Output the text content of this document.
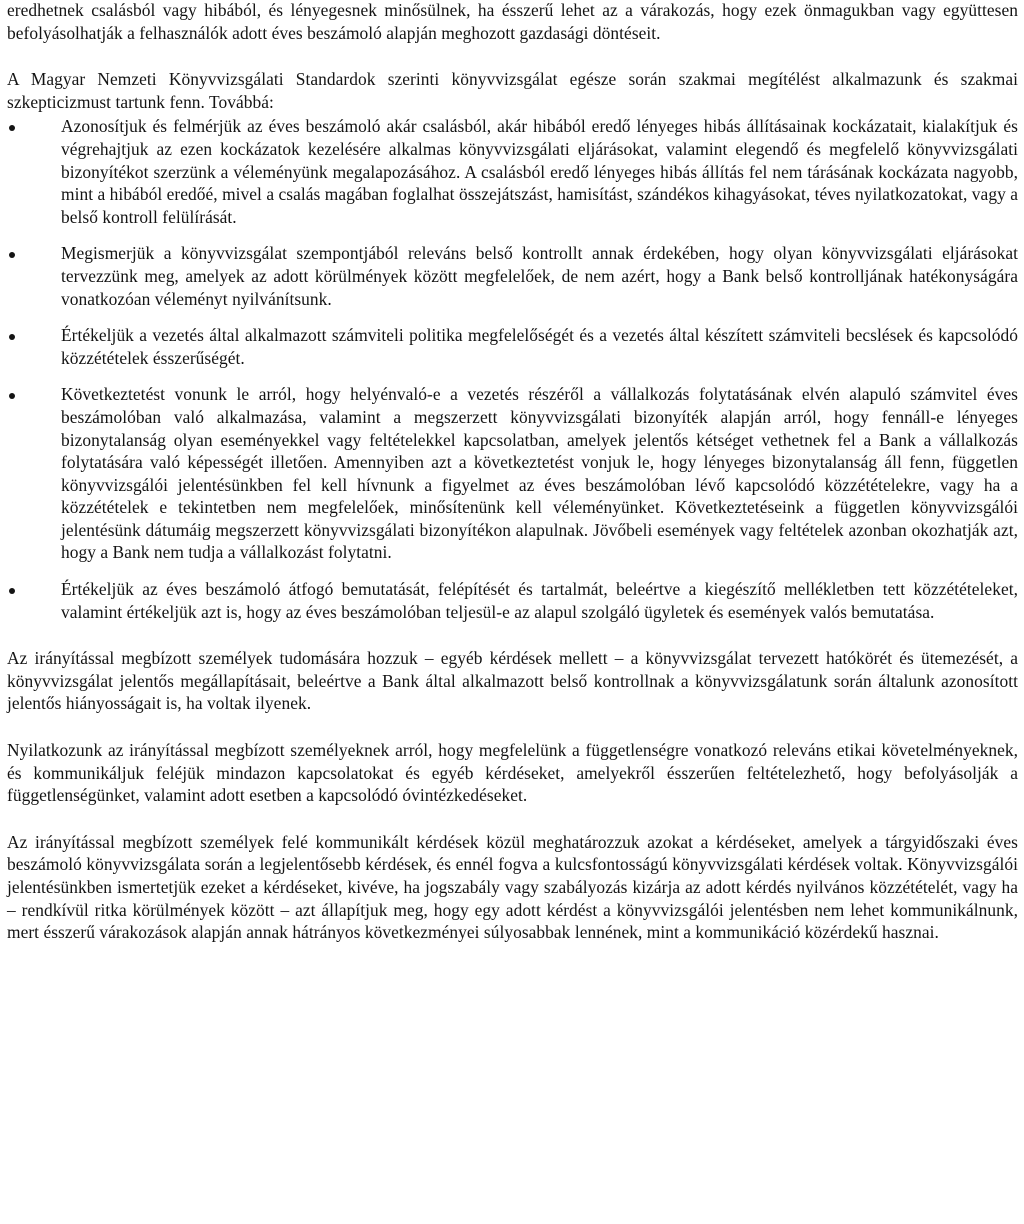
eredhetnek csalásból vagy hibából, és lényegesnek minősülnek, ha ésszerű lehet az a várakozás, hogy ezek önmagukban vagy együttesen befolyásolhatják a felhasználók adott éves beszámoló alapján meghozott gazdasági döntéseit.

A Magyar Nemzeti Könyvvizsgálati Standardok szerinti könyvvizsgálat egésze során szakmai megítélést alkalmazunk és szakmai szkepticizmust tartunk fenn. Továbbá:

Azonosítjuk és felmérjük az éves beszámoló akár csalásból, akár hibából eredő lényeges hibás állításainak kockázatait, kialakítjuk és végrehajtjuk az ezen kockázatok kezelésére alkalmas könyvvizsgálati eljárásokat, valamint elegendő és megfelelő könyvvizsgálati bizonyítékot szerzünk a véleményünk megalapozásához. A csalásból eredő lényeges hibás állítás fel nem tárásának kockázata nagyobb, mint a hibából eredőé, mivel a csalás magában foglalhat összejátszást, hamisítást, szándékos kihagyásokat, téves nyilatkozatokat, vagy a belső kontroll felülírását.
Megismerjük a könyvvizsgálat szempontjából releváns belső kontrollt annak érdekében, hogy olyan könyvvizsgálati eljárásokat tervezzünk meg, amelyek az adott körülmények között megfelelőek, de nem azért, hogy a Bank belső kontrolljának hatékonyságára vonatkozóan véleményt nyilvánítsunk.
Értékeljük a vezetés által alkalmazott számviteli politika megfelelőségét és a vezetés által készített számviteli becslések és kapcsolódó közzétételek ésszerűségét.
Következtetést vonunk le arról, hogy helyénvaló-e a vezetés részéről a vállalkozás folytatásának elvén alapuló számvitel éves beszámolóban való alkalmazása, valamint a megszerzett könyvvizsgálati bizonyíték alapján arról, hogy fennáll-e lényeges bizonytalanság olyan eseményekkel vagy feltételekkel kapcsolatban, amelyek jelentős kétséget vethetnek fel a Bank a vállalkozás folytatására való képességét illetően. Amennyiben azt a következtetést vonjuk le, hogy lényeges bizonytalanság áll fenn, független könyvvizsgálói jelentésünkben fel kell hívnunk a figyelmet az éves beszámolóban lévő kapcsolódó közzétételekre, vagy ha a közzétételek e tekintetben nem megfelelőek, minősítenünk kell véleményünket. Következtetéseink a független könyvvizsgálói jelentésünk dátumáig megszerzett könyvvizsgálati bizonyítékon alapulnak. Jövőbeli események vagy feltételek azonban okozhatják azt, hogy a Bank nem tudja a vállalkozást folytatni.
Értékeljük az éves beszámoló átfogó bemutatását, felépítését és tartalmát, beleértve a kiegészítő mellékletben tett közzétételeket, valamint értékeljük azt is, hogy az éves beszámolóban teljesül-e az alapul szolgáló ügyletek és események valós bemutatása.

Az irányítással megbízott személyek tudomására hozzuk – egyéb kérdések mellett – a könyvvizsgálat tervezett hatókörét és ütemezését, a könyvvizsgálat jelentős megállapításait, beleértve a Bank által alkalmazott belső kontrollnak a könyvvizsgálatunk során általunk azonosított jelentős hiányosságait is, ha voltak ilyenek.

Nyilatkozunk az irányítással megbízott személyeknek arról, hogy megfelelünk a függetlenségre vonatkozó releváns etikai követelményeknek, és kommunikáljuk feléjük mindazon kapcsolatokat és egyéb kérdéseket, amelyekről ésszerűen feltételezhető, hogy befolyásolják a függetlenségünket, valamint adott esetben a kapcsolódó óvintézkedéseket.

Az irányítással megbízott személyek felé kommunikált kérdések közül meghatározzuk azokat a kérdéseket, amelyek a tárgyidőszaki éves beszámoló könyvvizsgálata során a legjelentősebb kérdések, és ennél fogva a kulcsfontosságú könyvvizsgálati kérdések voltak. Könyvvizsgálói jelentésünkben ismertetjük ezeket a kérdéseket, kivéve, ha jogszabály vagy szabályozás kizárja az adott kérdés nyilvános közzétételét, vagy ha – rendkívül ritka körülmények között – azt állapítjuk meg, hogy egy adott kérdést a könyvvizsgálói jelentésben nem lehet kommunikálnunk, mert ésszerű várakozások alapján annak hátrányos következményei súlyosabbak lennének, mint a kommunikáció közérdekű hasznai.
